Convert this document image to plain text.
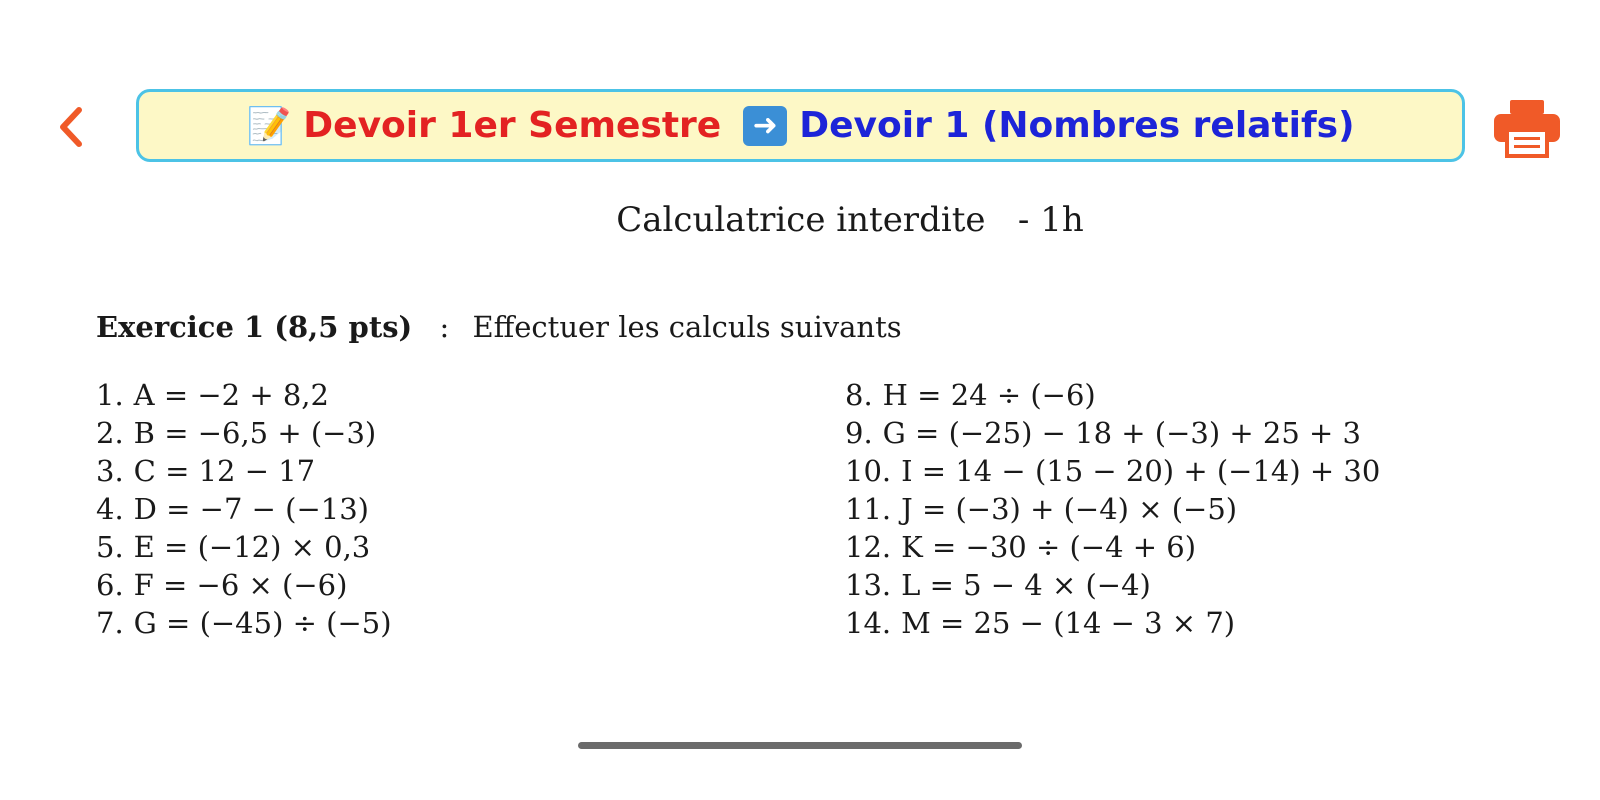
📝 Devoir 1er Semestre	➜ Devoir 1 (Nombres relatifs)
Calculatrice interdite   - 1h
Exercice 1 (8,5 pts) : Effectuer les calculs suivants
1. A = −2 + 8,2
2. B = −6,5 + (−3)
3. C = 12 − 17
4. D = −7 − (−13)
5. E = (−12) × 0,3
6. F = −6 × (−6)
7. G = (−45) ÷ (−5)
8. H = 24 ÷ (−6)
9. G = (−25) − 18 + (−3) + 25 + 3
10. I = 14 − (15 − 20) + (−14) + 30
11. J = (−3) + (−4) × (−5)
12. K = −30 ÷ (−4 + 6)
13. L = 5 − 4 × (−4)
14. M = 25 − (14 − 3 × 7)
